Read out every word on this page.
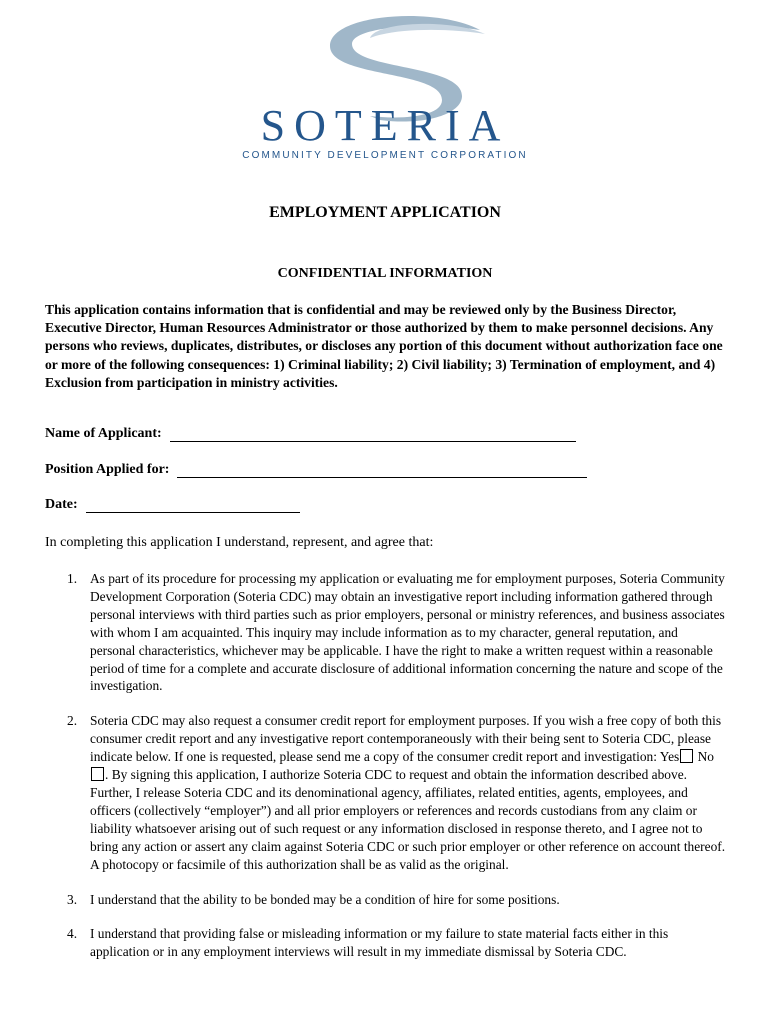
SOTERIA
COMMUNITY DEVELOPMENT CORPORATION
EMPLOYMENT APPLICATION
CONFIDENTIAL INFORMATION
This application contains information that is confidential and may be reviewed only by the Business Director, Executive Director, Human Resources Administrator or those authorized by them to make personnel decisions. Any persons who reviews, duplicates, distributes, or discloses any portion of this document without authorization face one or more of the following consequences: 1) Criminal liability; 2) Civil liability; 3) Termination of employment, and 4) Exclusion from participation in ministry activities.
Name of Applicant:
Position Applied for:
Date:
In completing this application I understand, represent, and agree that:
1. As part of its procedure for processing my application or evaluating me for employment purposes, Soteria Community Development Corporation (Soteria CDC) may obtain an investigative report including information gathered through personal interviews with third parties such as prior employers, personal or ministry references, and business associates with whom I am acquainted. This inquiry may include information as to my character, general reputation, and personal characteristics, whichever may be applicable. I have the right to make a written request within a reasonable period of time for a complete and accurate disclosure of additional information concerning the nature and scope of the investigation.
2. Soteria CDC may also request a consumer credit report for employment purposes. If you wish a free copy of both this consumer credit report and any investigative report contemporaneously with their being sent to Soteria CDC, please indicate below. If one is requested, please send me a copy of the consumer credit report and investigation: Yes No. By signing this application, I authorize Soteria CDC to request and obtain the information described above. Further, I release Soteria CDC and its denominational agency, affiliates, related entities, agents, employees, and officers (collectively “employer”) and all prior employers or references and records custodians from any claim or liability whatsoever arising out of such request or any information disclosed in response thereto, and I agree not to bring any action or assert any claim against Soteria CDC or such prior employer or other reference on account thereof. A photocopy or facsimile of this authorization shall be as valid as the original.
3. I understand that the ability to be bonded may be a condition of hire for some positions.
4. I understand that providing false or misleading information or my failure to state material facts either in this application or in any employment interviews will result in my immediate dismissal by Soteria CDC.
